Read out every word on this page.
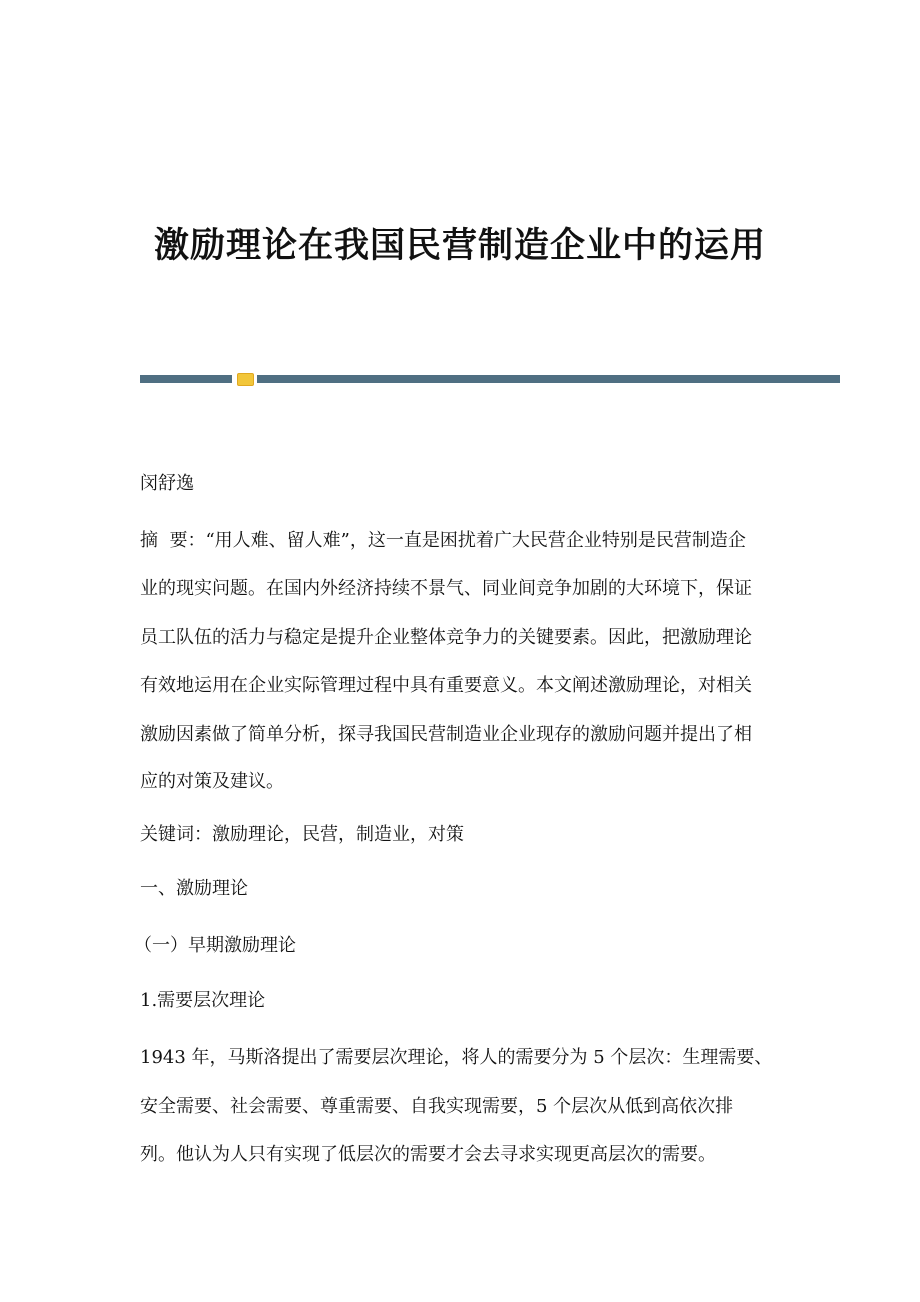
激励理论在我国民营制造企业中的运用
闵舒逸
摘  要：“用人难、留人难”，这一直是困扰着广大民营企业特别是民营制造企
业的现实问题。在国内外经济持续不景气、同业间竞争加剧的大环境下，保证
员工队伍的活力与稳定是提升企业整体竞争力的关键要素。因此，把激励理论
有效地运用在企业实际管理过程中具有重要意义。本文阐述激励理论，对相关
激励因素做了简单分析，探寻我国民营制造业企业现存的激励问题并提出了相
应的对策及建议。
关键词：激励理论，民营，制造业，对策
一、激励理论
（一）早期激励理论
1.需要层次理论
1943 年，马斯洛提出了需要层次理论，将人的需要分为 5 个层次：生理需要、
安全需要、社会需要、尊重需要、自我实现需要，5 个层次从低到高依次排
列。他认为人只有实现了低层次的需要才会去寻求实现更高层次的需要。
